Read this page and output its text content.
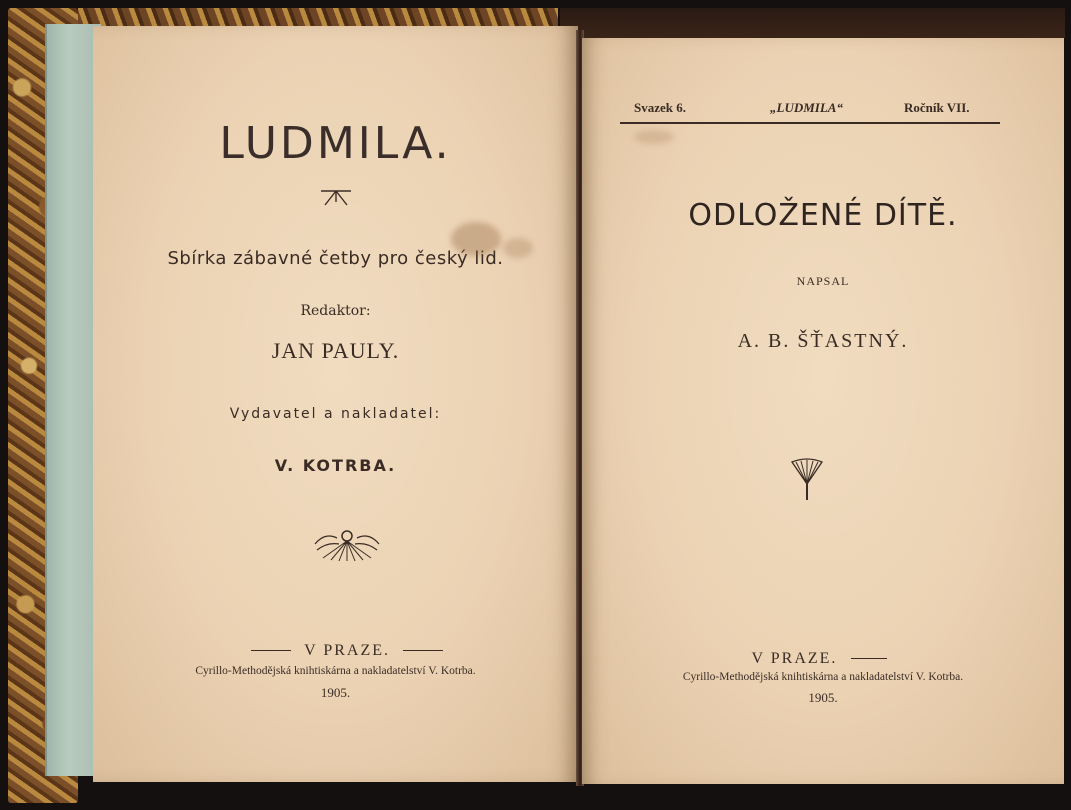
LUDMILA.
Sbírka zábavné četby pro český lid.
Redaktor:
JAN PAULY.
Vydavatel a nakladatel:
V. KOTRBA.
V PRAZE.
Cyrillo-Methodějská knihtiskárna a nakladatelství V. Kotrba.
1905.
Svazek 6.	„LUDMILA“	Ročník VII.
ODLOŽENÉ DÍTĚ.
NAPSAL
A. B. ŠŤASTNÝ.
V PRAZE.
Cyrillo-Methodějská knihtiskárna a nakladatelství V. Kotrba.
1905.
